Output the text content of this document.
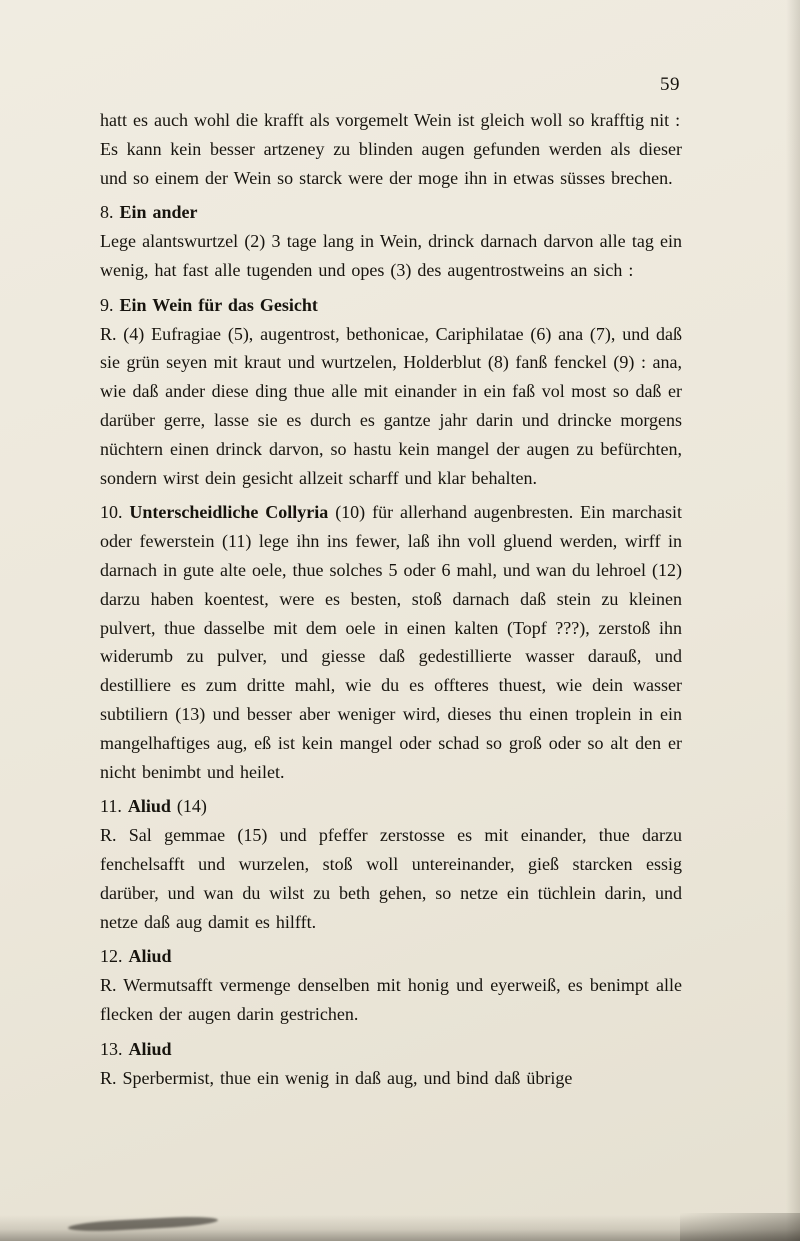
59

hatt es auch wohl die krafft als vorgemelt Wein ist gleich woll so krafftig nit :

Es kann kein besser artzeney zu blinden augen gefunden werden als dieser und so einem der Wein so starck were der moge ihn in etwas süsses brechen.

8. Ein ander

Lege alantswurtzel (2) 3 tage lang in Wein, drinck darnach darvon alle tag ein wenig, hat fast alle tugenden und opes (3) des augentrostweins an sich :

9. Ein Wein für das Gesicht

R. (4) Eufragiae (5), augentrost, bethonicae, Cariphilatae (6) ana (7), und daß sie grün seyen mit kraut und wurtzelen, Holderblut (8) fanß fenckel (9) : ana, wie daß ander diese ding thue alle mit einander in ein faß vol most so daß er darüber gerre, lasse sie es durch es gantze jahr darin und drincke morgens nüchtern einen drinck darvon, so hastu kein mangel der augen zu befürchten, sondern wirst dein gesicht allzeit scharff und klar behalten.

10. Unterscheidliche Collyria (10) für allerhand augenbresten. Ein marchasit oder fewerstein (11) lege ihn ins fewer, laß ihn voll gluend werden, wirff in darnach in gute alte oele, thue solches 5 oder 6 mahl, und wan du lehroel (12) darzu haben koentest, were es besten, stoß darnach daß stein zu kleinen pulvert, thue dasselbe mit dem oele in einen kalten (Topf ???), zerstoß ihn widerumb zu pulver, und giesse daß gedestillierte wasser darauß, und destilliere es zum dritte mahl, wie du es offteres thuest, wie dein wasser subtiliern (13) und besser aber weniger wird, dieses thu einen troplein in ein mangelhaftiges aug, eß ist kein mangel oder schad so groß oder so alt den er nicht benimbt und heilet.

11. Aliud (14)

R. Sal gemmae (15) und pfeffer zerstosse es mit einander, thue darzu fenchelsafft und wurzelen, stoß woll untereinander, gieß starcken essig darüber, und wan du wilst zu beth gehen, so netze ein tüchlein darin, und netze daß aug damit es hilfft.

12. Aliud

R. Wermutsafft vermenge denselben mit honig und eyerweiß, es benimpt alle flecken der augen darin gestrichen.

13. Aliud

R. Sperbermist, thue ein wenig in daß aug, und bind daß übrige
